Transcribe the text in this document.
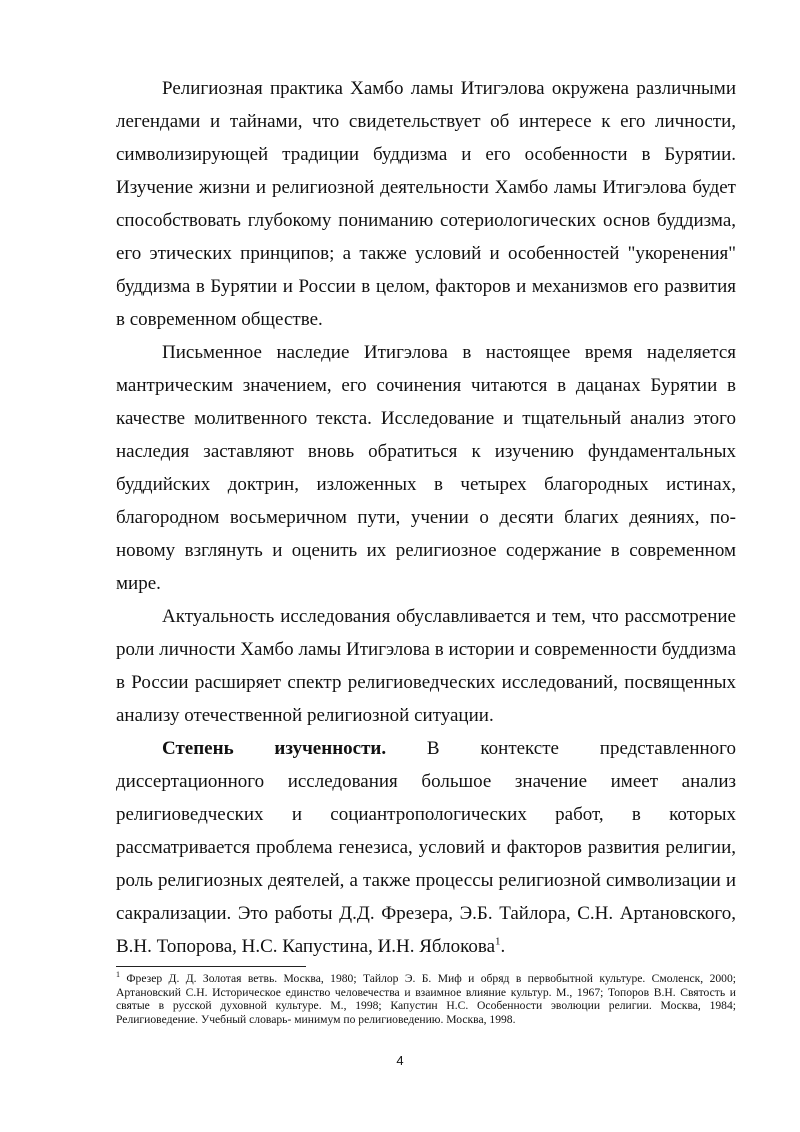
Религиозная практика Хамбо ламы Итигэлова окружена различными легендами и тайнами, что свидетельствует об интересе к его личности, символизирующей традиции буддизма и его особенности в Бурятии. Изучение жизни и религиозной деятельности Хамбо ламы Итигэлова будет способствовать глубокому пониманию сотериологических основ буддизма, его этических принципов; а также условий и особенностей "укоренения" буддизма в Бурятии и России в целом, факторов и механизмов его развития в современном обществе.

Письменное наследие Итигэлова в настоящее время наделяется мантрическим значением, его сочинения читаются в дацанах Бурятии в качестве молитвенного текста. Исследование и тщательный анализ этого наследия заставляют вновь обратиться к изучению фундаментальных буддийских доктрин, изложенных в четырех благородных истинах, благородном восьмеричном пути, учении о десяти благих деяниях, по-новому взглянуть и оценить их религиозное содержание в современном мире.

Актуальность исследования обуславливается и тем, что рассмотрение роли личности Хамбо ламы Итигэлова в истории и современности буддизма в России расширяет спектр религиоведческих исследований, посвященных анализу отечественной религиозной ситуации.

Степень изученности. В контексте представленного диссертационного исследования большое значение имеет анализ религиоведческих и социантропологических работ, в которых рассматривается проблема генезиса, условий и факторов развития религии, роль религиозных деятелей, а также процессы религиозной символизации и сакрализации. Это работы Д.Д. Фрезера, Э.Б. Тайлора, С.Н. Артановского, В.Н. Топорова, Н.С. Капустина, И.Н. Яблокова$^1$.

$^1$ Фрезер Д. Д. Золотая ветвь. Москва, 1980; Тайлор Э. Б. Миф и обряд в первобытной культуре. Смоленск, 2000; Артановский С.Н. Историческое единство человечества и взаимное влияние культур. М., 1967; Топоров В.Н. Святость и святые в русской духовной культуре. М., 1998; Капустин Н.С. Особенности эволюции религии. Москва, 1984; Религиоведение. Учебный словарь- минимум по религиоведению. Москва, 1998.

4
